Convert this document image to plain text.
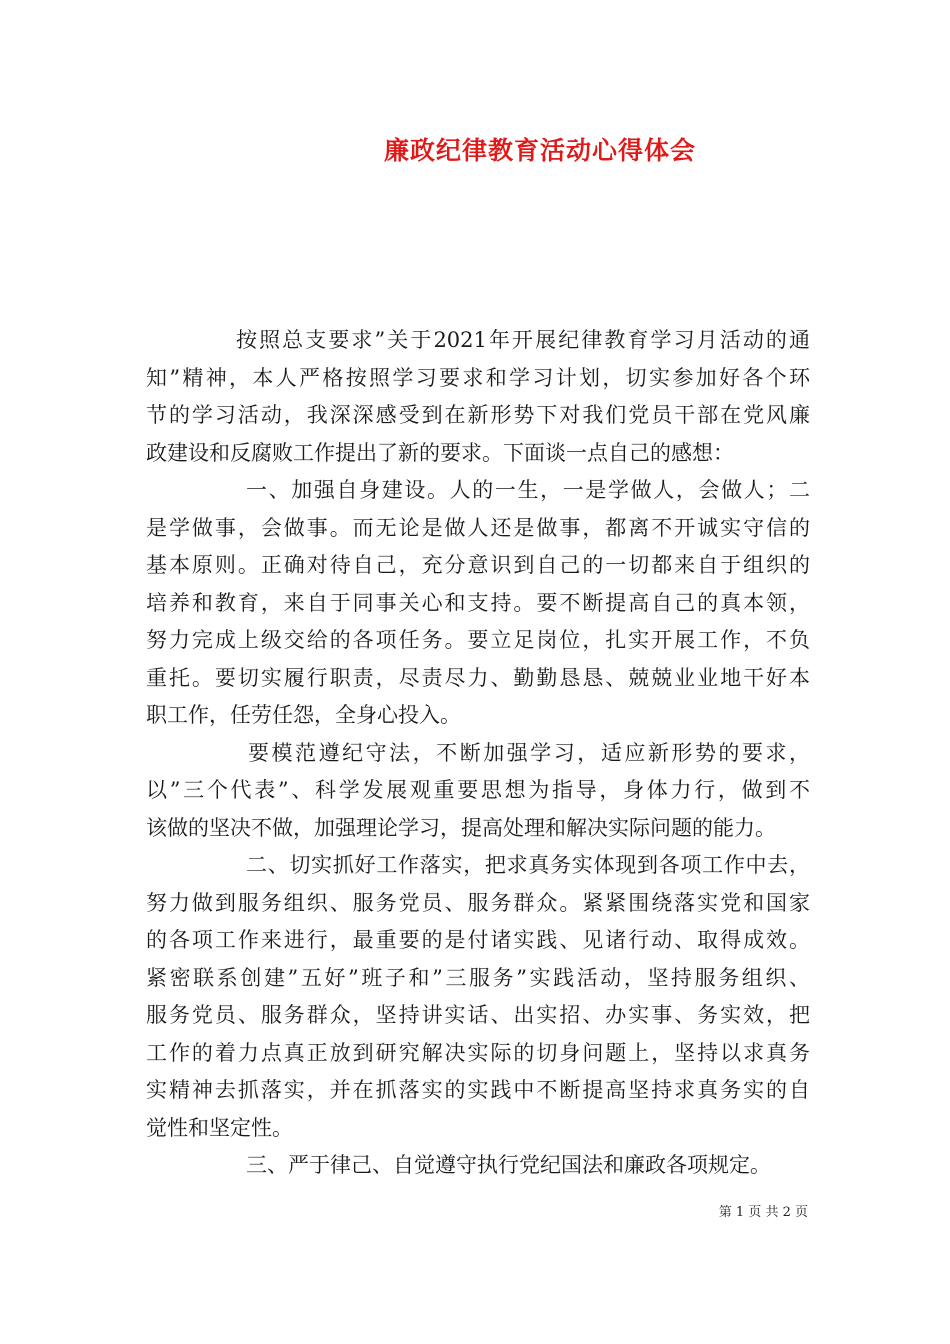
廉政纪律教育活动心得体会
按照总支要求”关于2021年开展纪律教育学习月活动的通
知”精神，本人严格按照学习要求和学习计划，切实参加好各个环
节的学习活动，我深深感受到在新形势下对我们党员干部在党风廉
政建设和反腐败工作提出了新的要求。下面谈一点自己的感想：
一、加强自身建设。人的一生，一是学做人，会做人；二
是学做事，会做事。而无论是做人还是做事，都离不开诚实守信的
基本原则。正确对待自己，充分意识到自己的一切都来自于组织的
培养和教育，来自于同事关心和支持。要不断提高自己的真本领，
努力完成上级交给的各项任务。要立足岗位，扎实开展工作，不负
重托。要切实履行职责，尽责尽力、勤勤恳恳、兢兢业业地干好本
职工作，任劳任怨，全身心投入。
要模范遵纪守法，不断加强学习，适应新形势的要求，
以”三个代表”、科学发展观重要思想为指导，身体力行，做到不
该做的坚决不做，加强理论学习，提高处理和解决实际问题的能力。
二、切实抓好工作落实，把求真务实体现到各项工作中去，
努力做到服务组织、服务党员、服务群众。紧紧围绕落实党和国家
的各项工作来进行，最重要的是付诸实践、见诸行动、取得成效。
紧密联系创建”五好”班子和”三服务”实践活动，坚持服务组织、
服务党员、服务群众，坚持讲实话、出实招、办实事、务实效，把
工作的着力点真正放到研究解决实际的切身问题上，坚持以求真务
实精神去抓落实，并在抓落实的实践中不断提高坚持求真务实的自
觉性和坚定性。
三、严于律己、自觉遵守执行党纪国法和廉政各项规定。
第 1 页 共 2 页
